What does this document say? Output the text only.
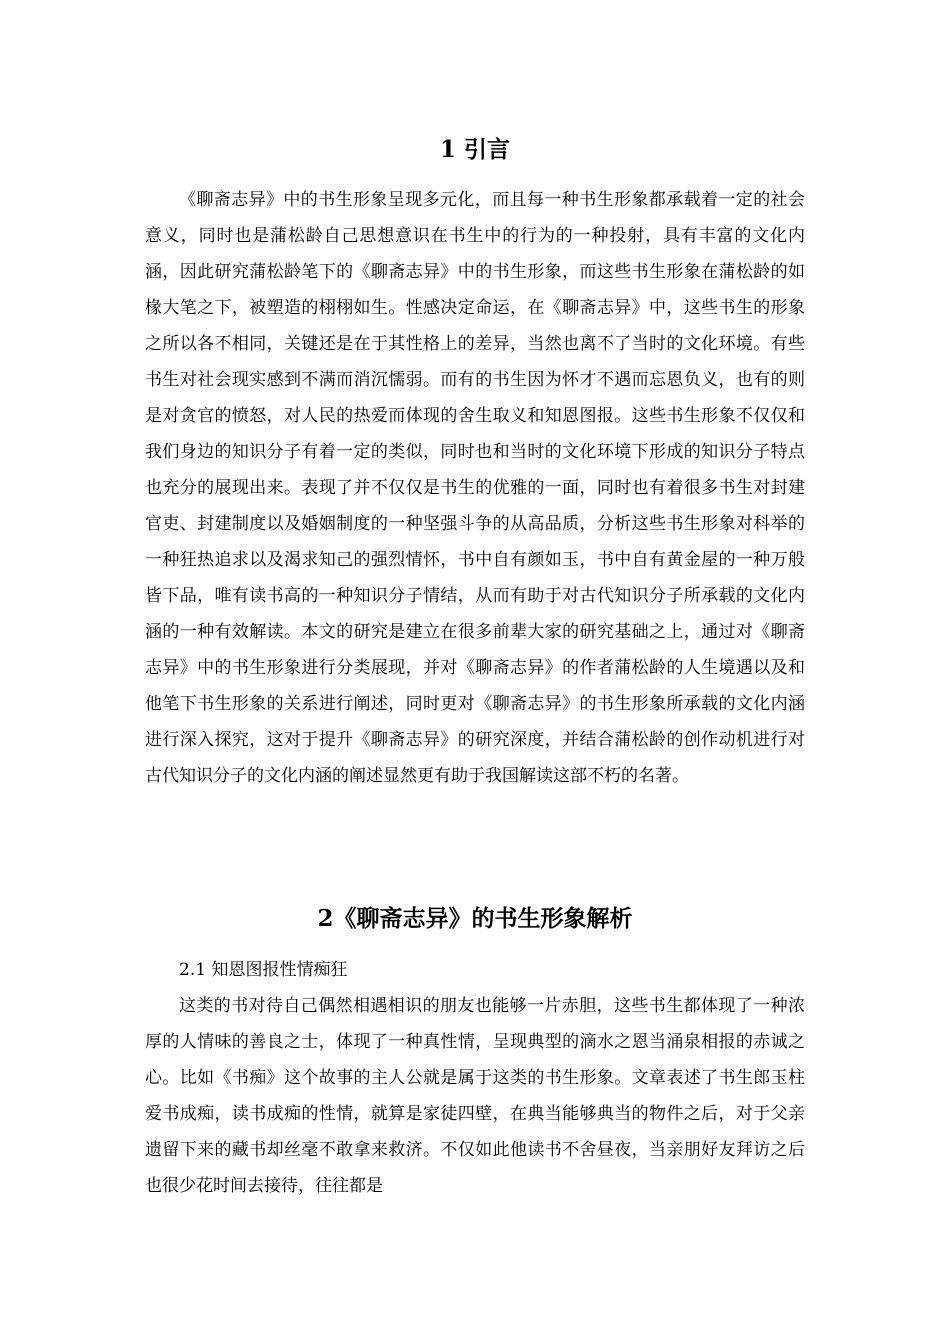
1 引言

《聊斋志异》中的书生形象呈现多元化，而且每一种书生形象都承载着一定的社会意义，同时也是蒲松龄自己思想意识在书生中的行为的一种投射，具有丰富的文化内涵，因此研究蒲松龄笔下的《聊斋志异》中的书生形象，而这些书生形象在蒲松龄的如椽大笔之下，被塑造的栩栩如生。性感决定命运，在《聊斋志异》中，这些书生的形象之所以各不相同，关键还是在于其性格上的差异，当然也离不了当时的文化环境。有些书生对社会现实感到不满而消沉懦弱。而有的书生因为怀才不遇而忘恩负义，也有的则是对贪官的愤怒，对人民的热爱而体现的舍生取义和知恩图报。这些书生形象不仅仅和我们身边的知识分子有着一定的类似，同时也和当时的文化环境下形成的知识分子特点也充分的展现出来。表现了并不仅仅是书生的优雅的一面，同时也有着很多书生对封建官吏、封建制度以及婚姻制度的一种坚强斗争的从高品质，分析这些书生形象对科举的一种狂热追求以及渴求知己的强烈情怀，书中自有颜如玉，书中自有黄金屋的一种万般皆下品，唯有读书高的一种知识分子情结，从而有助于对古代知识分子所承载的文化内涵的一种有效解读。本文的研究是建立在很多前辈大家的研究基础之上，通过对《聊斋志异》中的书生形象进行分类展现，并对《聊斋志异》的作者蒲松龄的人生境遇以及和他笔下书生形象的关系进行阐述，同时更对《聊斋志异》的书生形象所承载的文化内涵进行深入探究，这对于提升《聊斋志异》的研究深度，并结合蒲松龄的创作动机进行对古代知识分子的文化内涵的阐述显然更有助于我国解读这部不朽的名著。

2《聊斋志异》的书生形象解析
2.1 知恩图报性情痴狂

这类的书对待自己偶然相遇相识的朋友也能够一片赤胆，这些书生都体现了一种浓厚的人情味的善良之士，体现了一种真性情，呈现典型的滴水之恩当涌泉相报的赤诚之心。比如《书痴》这个故事的主人公就是属于这类的书生形象。文章表述了书生郎玉柱爱书成痴，读书成痴的性情，就算是家徒四壁，在典当能够典当的物件之后，对于父亲遗留下来的藏书却丝毫不敢拿来救济。不仅如此他读书不舍昼夜，当亲朋好友拜访之后也很少花时间去接待，往往都是
